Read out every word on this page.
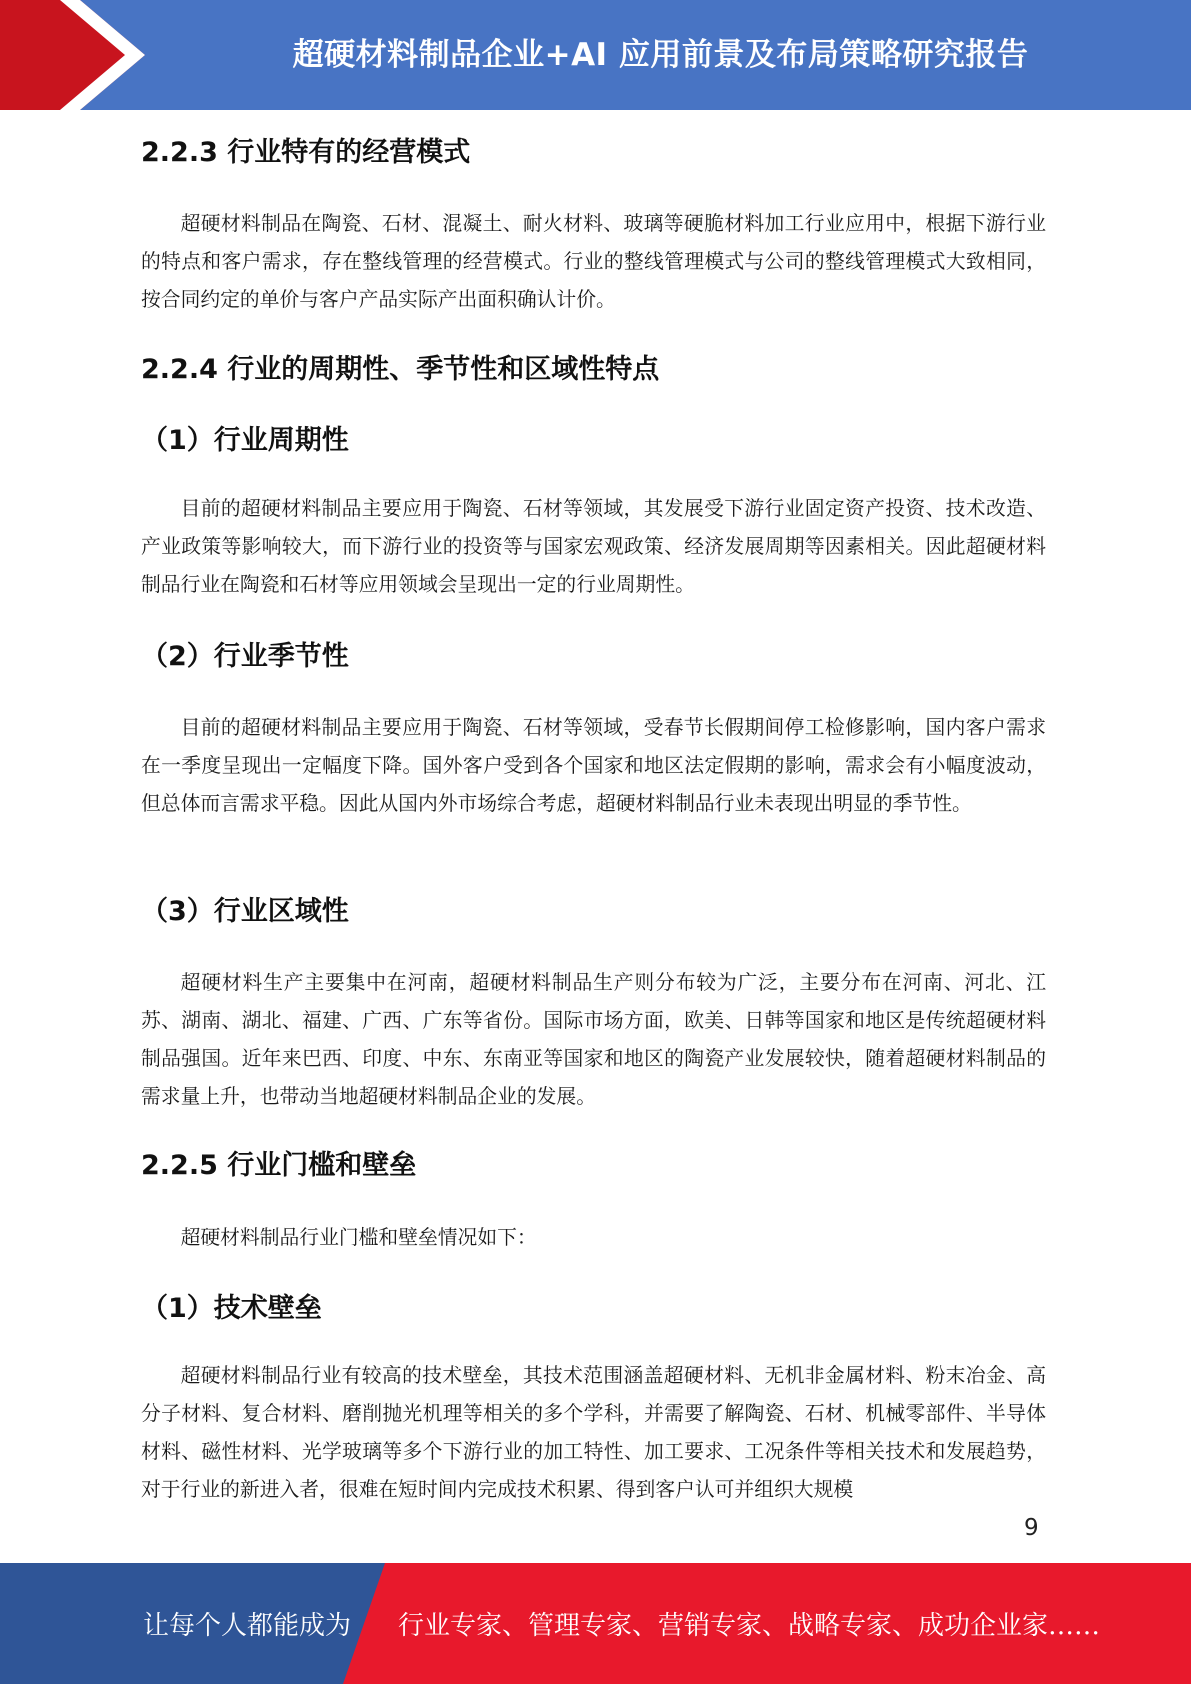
超硬材料制品企业+AI 应用前景及布局策略研究报告
2.2.3 行业特有的经营模式

超硬材料制品在陶瓷、石材、混凝土、耐火材料、玻璃等硬脆材料加工行业应用中，根据下游行业的特点和客户需求，存在整线管理的经营模式。行业的整线管理模式与公司的整线管理模式大致相同，按合同约定的单价与客户产品实际产出面积确认计价。

2.2.4 行业的周期性、季节性和区域性特点
（1）行业周期性

目前的超硬材料制品主要应用于陶瓷、石材等领域，其发展受下游行业固定资产投资、技术改造、产业政策等影响较大，而下游行业的投资等与国家宏观政策、经济发展周期等因素相关。因此超硬材料制品行业在陶瓷和石材等应用领域会呈现出一定的行业周期性。

（2）行业季节性

目前的超硬材料制品主要应用于陶瓷、石材等领域，受春节长假期间停工检修影响，国内客户需求在一季度呈现出一定幅度下降。国外客户受到各个国家和地区法定假期的影响，需求会有小幅度波动，但总体而言需求平稳。因此从国内外市场综合考虑，超硬材料制品行业未表现出明显的季节性。

（3）行业区域性

超硬材料生产主要集中在河南，超硬材料制品生产则分布较为广泛，主要分布在河南、河北、江苏、湖南、湖北、福建、广西、广东等省份。国际市场方面，欧美、日韩等国家和地区是传统超硬材料制品强国。近年来巴西、印度、中东、东南亚等国家和地区的陶瓷产业发展较快，随着超硬材料制品的需求量上升，也带动当地超硬材料制品企业的发展。

2.2.5 行业门槛和壁垒

超硬材料制品行业门槛和壁垒情况如下：

（1）技术壁垒

超硬材料制品行业有较高的技术壁垒，其技术范围涵盖超硬材料、无机非金属材料、粉末冶金、高分子材料、复合材料、磨削抛光机理等相关的多个学科，并需要了解陶瓷、石材、机械零部件、半导体材料、磁性材料、光学玻璃等多个下游行业的加工特性、加工要求、工况条件等相关技术和发展趋势，对于行业的新进入者，很难在短时间内完成技术积累、得到客户认可并组织大规模

9
让每个人都能成为 行业专家、管理专家、营销专家、战略专家、成功企业家……
